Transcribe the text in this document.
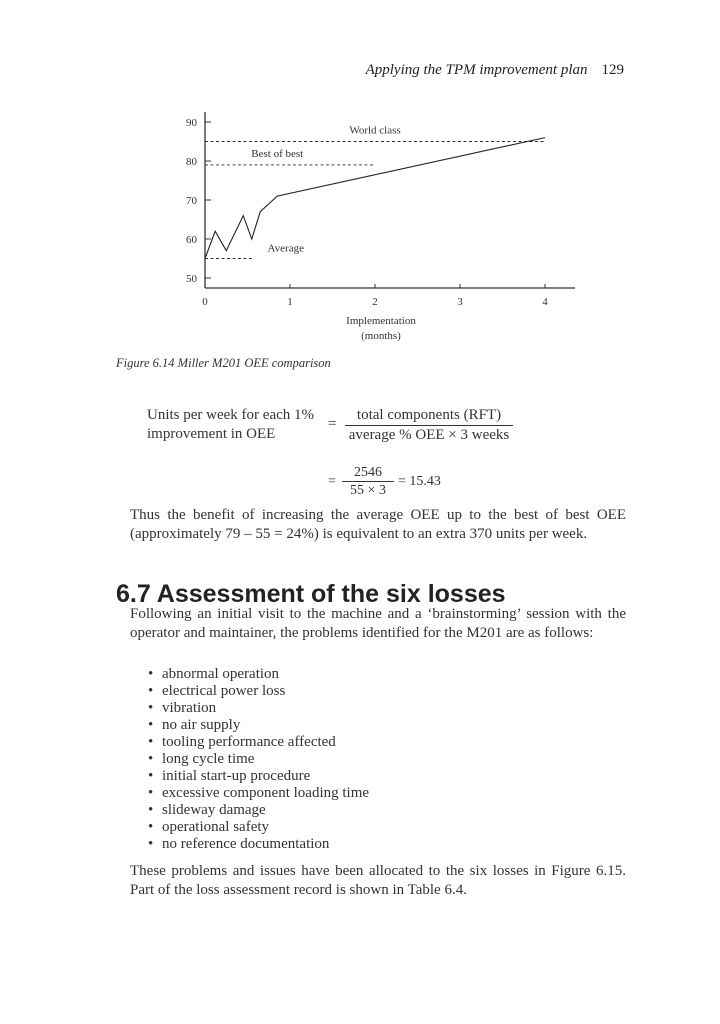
Applying the TPM improvement plan 129
90
80
70
60
50
0	1	2	3	4
World class
Best of best
Average
Implementation
(months)
Figure 6.14 Miller M201 OEE comparison
Units per week for each 1%
improvement in OEE
=
total components (RFT)
average % OEE × 3 weeks
= $\frac{2546}{55 \times 3} = 15.43$
Thus the benefit of increasing the average OEE up to the best of best OEE (approximately 79 – 55 = 24%) is equivalent to an extra 370 units per week.
6.7 Assessment of the six losses
Following an initial visit to the machine and a ‘brainstorming’ session with the operator and maintainer, the problems identified for the M201 are as follows:
• abnormal operation
• electrical power loss
• vibration
• no air supply
• tooling performance affected
• long cycle time
• initial start-up procedure
• excessive component loading time
• slideway damage
• operational safety
• no reference documentation
These problems and issues have been allocated to the six losses in Figure 6.15. Part of the loss assessment record is shown in Table 6.4.
